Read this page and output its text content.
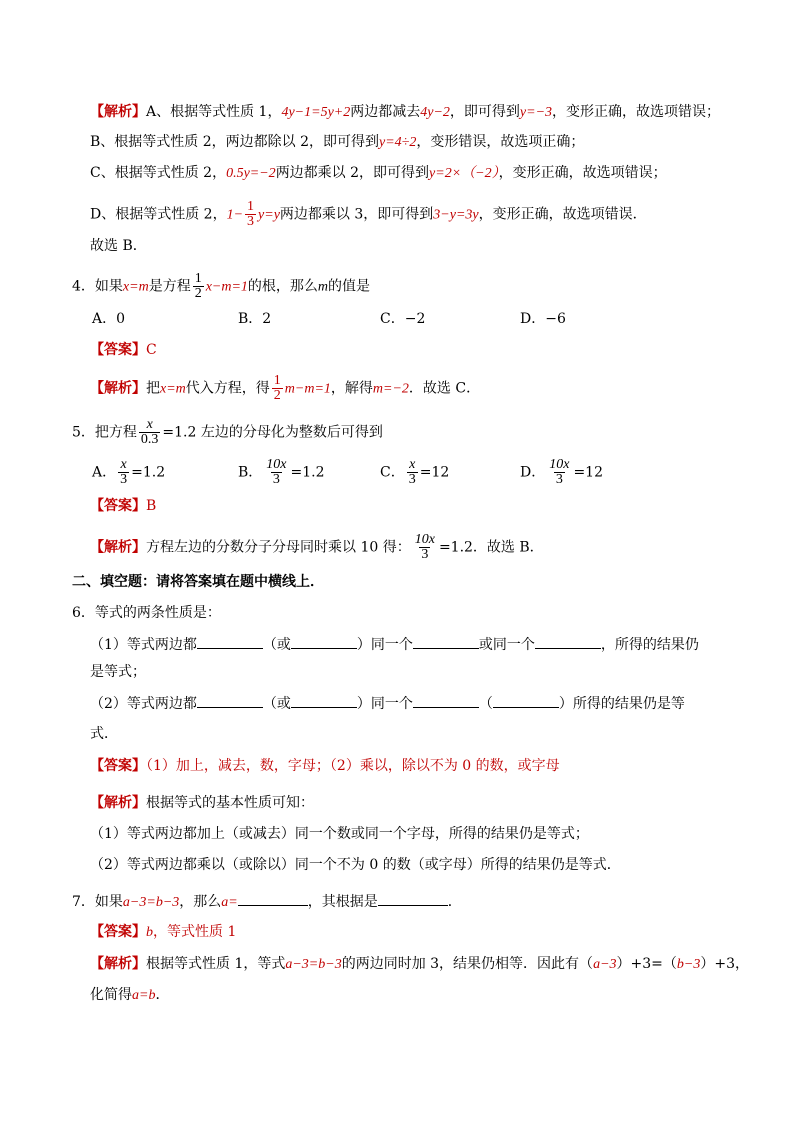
【解析】A、根据等式性质 1，4y−1=5y+2两边都减去4y−2，即可得到y=−3，变形正确，故选项错误；
B、根据等式性质 2，两边都除以 2，即可得到y=4÷2，变形错误，故选项正确；
C、根据等式性质 2，0.5y=−2两边都乘以 2，即可得到y=2×（−2），变形正确，故选项错误；
D、根据等式性质 2，$1- \frac{1}{3} y=y$两边都乘以 3，即可得到3−y=3y，变形正确，故选项错误．
故选 B．
4．如果x=m是方程 $\frac{1}{2} x-m=1$的根，那么m的值是
A．0	B．2	C．−2	D．−6
【答案】C
【解析】把x=m代入方程，得 $\frac{1}{2} m-m=1$，解得m=−2．故选 C．
5．把方程 $\frac{x}{0.3} =1.2$ 左边的分母化为整数后可得到
A． $\frac{x}{3} =1.2$	B． $\frac{10x}{3} =1.2$	C． $\frac{x}{3} =12$	D． $\frac{10x}{3} =12$
【答案】B
【解析】方程左边的分数分子分母同时乘以 10 得： $\frac{10x}{3} =1.2$．故选 B．
二、填空题：请将答案填在题中横线上．
6．等式的两条性质是：
（1）等式两边都	（或	）同一个	或同一个	，所得的结果仍
是等式；
（2）等式两边都	（或	）同一个	（	）所得的结果仍是等
式．
【答案】（1）加上，减去，数，字母；（2）乘以，除以不为 0 的数，或字母
【解析】根据等式的基本性质可知：
（1）等式两边都加上（或减去）同一个数或同一个字母，所得的结果仍是等式；
（2）等式两边都乘以（或除以）同一个不为 0 的数（或字母）所得的结果仍是等式．
7．如果a−3=b−3，那么a=	，其根据是	．
【答案】b，等式性质 1
【解析】根据等式性质 1，等式a−3=b−3的两边同时加 3，结果仍相等．因此有（a−3）+3=（b−3）+3，
化简得a=b．
